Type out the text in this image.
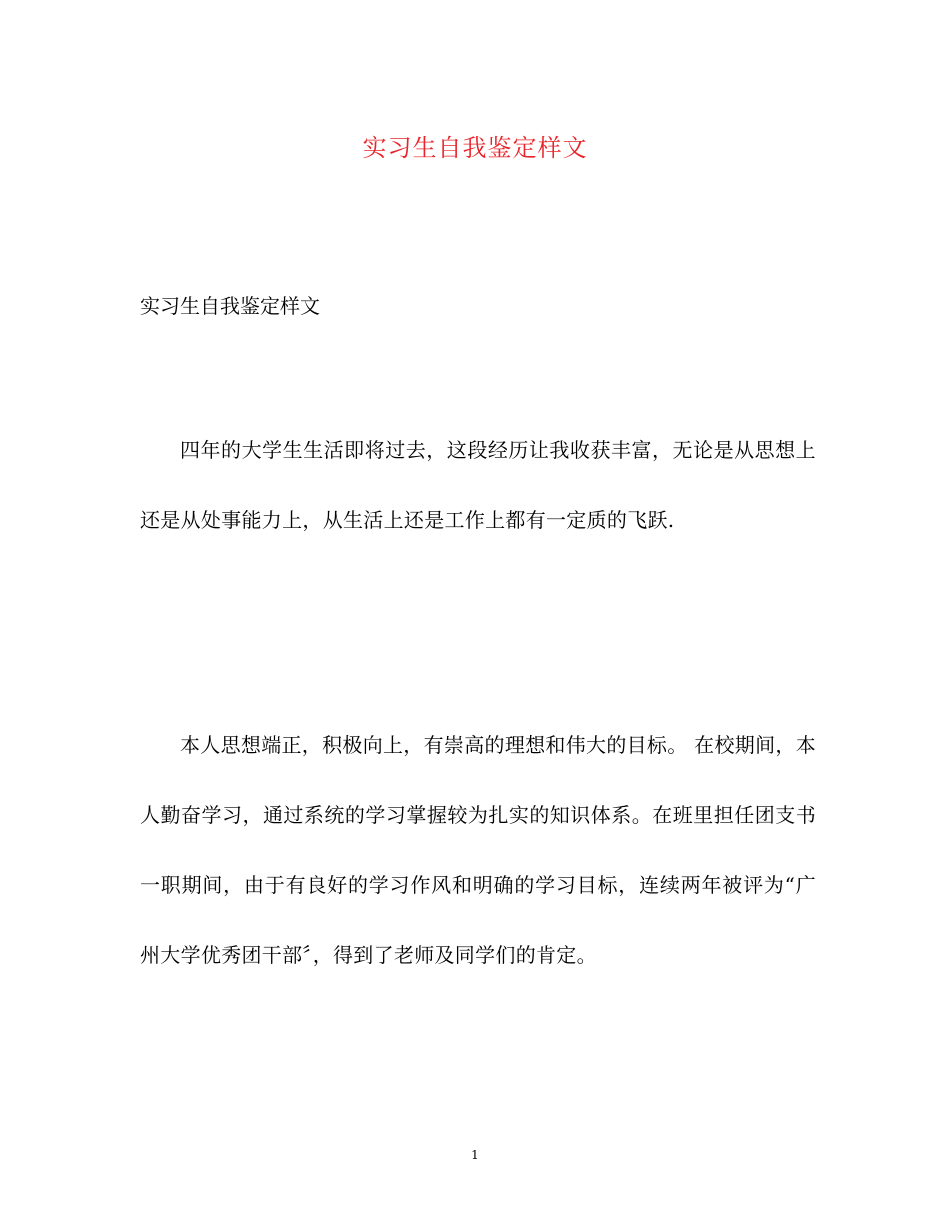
实习生自我鉴定样文
实习生自我鉴定样文
四年的大学生生活即将过去，这段经历让我收获丰富，无论是从思想上还是从处事能力上，从生活上还是工作上都有一定质的飞跃.
本人思想端正，积极向上，有崇高的理想和伟大的目标。 在校期间，本人勤奋学习，通过系统的学习掌握较为扎实的知识体系。在班里担任团支书一职期间，由于有良好的学习作风和明确的学习目标，连续两年被评为“广州大学优秀团干部〞，得到了老师及同学们的肯定。
1
